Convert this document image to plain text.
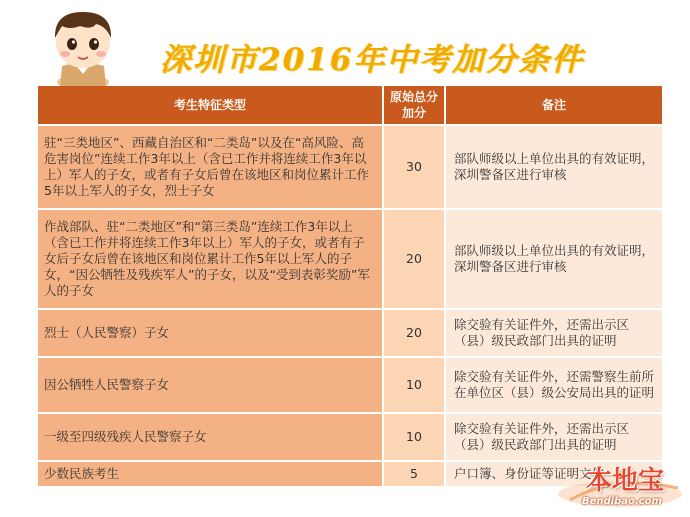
深圳市2016年中考加分条件
考生特征类型	原始总分加分	备注
驻“三类地区”、西藏自治区和“二类岛”以及在“高风险、高危害岗位”连续工作3年以上（含已工作并将连续工作3年以上）军人的子女，或者有子女后曾在该地区和岗位累计工作5年以上军人的子女，烈士子女	30	部队师级以上单位出具的有效证明，深圳警备区进行审核
作战部队、驻“二类地区”和“第三类岛”连续工作3年以上（含已工作并将连续工作3年以上）军人的子女，或者有子女后子女后曾在该地区和岗位累计工作5年以上军人的子女，“因公牺牲及残疾军人”的子女，以及“受到表彰奖励”军人的子女	20	部队师级以上单位出具的有效证明，深圳警备区进行审核
烈士（人民警察）子女	20	除交验有关证件外，还需出示区（县）级民政部门出具的证明
因公牺牲人民警察子女	10	除交验有关证件外，还需警察生前所在单位区（县）级公安局出具的证明
一级至四级残疾人民警察子女	10	除交验有关证件外，还需出示区（县）级民政部门出具的证明
少数民族考生	5	户口簿、身份证等证明文件
本地宝
Bendibao.com
